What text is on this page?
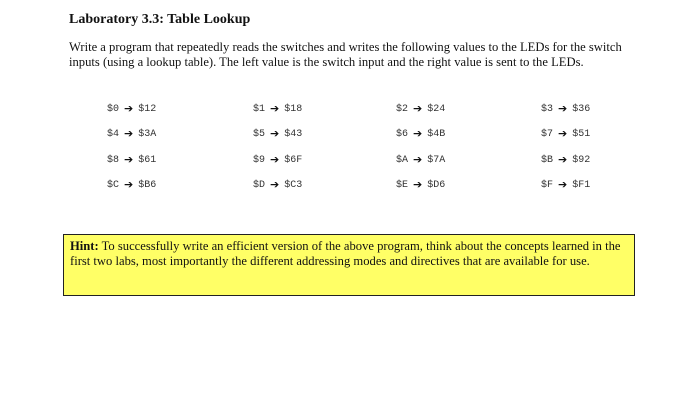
Laboratory 3.3: Table Lookup
Write a program that repeatedly reads the switches and writes the following values to the LEDs for the switch inputs (using a lookup table). The left value is the switch input and the right value is sent to the LEDs.
$0 ➔ $12	$1 ➔ $18	$2 ➔ $24	$3 ➔ $36
$4 ➔ $3A	$5 ➔ $43	$6 ➔ $4B	$7 ➔ $51
$8 ➔ $61	$9 ➔ $6F	$A ➔ $7A	$B ➔ $92
$C ➔ $B6	$D ➔ $C3	$E ➔ $D6	$F ➔ $F1
Hint: To successfully write an efficient version of the above program, think about the concepts learned in the first two labs, most importantly the different addressing modes and directives that are available for use.
